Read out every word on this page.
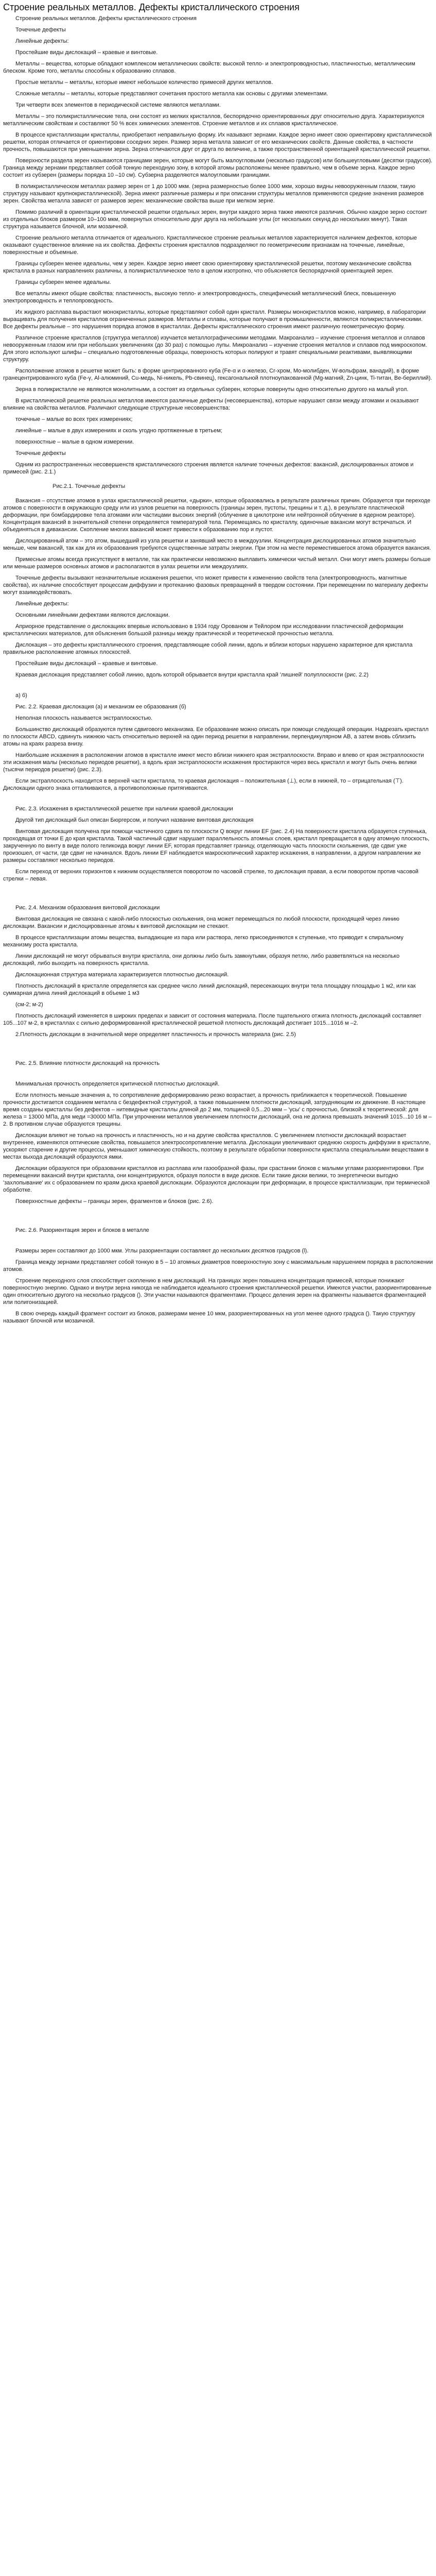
Строение реальных металлов. Дефекты кристаллического строения

Строение реальных металлов. Дефекты кристаллического строения

Точечные дефекты

Линейные дефекты:

Простейшие виды дислокаций – краевые и винтовые.

Металлы – вещества, которые обладают комплексом металлических свойств: высокой тепло- и электропроводностью, пластичностью, металлическим блеском. Кроме того, металлы способны к образованию сплавов.

Простые металлы – металлы, которые имеют небольшое количество примесей других металлов.

Сложные металлы – металлы, которые представляют сочетания простого металла как основы с другими элементами.

Три четверти всех элементов в периодической системе являются металлами.

Металлы – это поликристаллические тела, они состоят из мелких кристаллов, беспорядочно ориентированных друг относительно друга. Характеризуются металлическим свойствам и составляют 50 % всех химических элементов. Строение металлов и их сплавов кристаллическое.

В процессе кристаллизации кристаллы, приобретают неправильную форму. Их называют зернами. Каждое зерно имеет свою ориентировку кристаллической решетки, которая отличается от ориентировки соседних зерен. Размер зерна металла зависит от его механических свойств. Данные свойства, в частности прочность, повышаются при уменьшении зерна. Зерна отличаются друг от друга по величине, а также пространственной ориентацией кристаллической решетки.

Поверхности раздела зерен называются границами зерен, которые могут быть малоугловыми (несколько градусов) или большеугловыми (десятки градусов). Граница между зернами представляет собой тонкую переходную зону, в которой атомы расположены менее правильно, чем в объеме зерна. Каждое зерно состоит из субзерен (размеры порядка 10 –10 см). Субзерна разделяются малоугловыми границами.

В поликристаллическом металлах размер зерен от 1 до 1000 мкм. (зерна размерностью более 1000 мкм, хорошо видны невооруженным глазом, такую структуру называют крупнокристаллической). Зерна имеют различные размеры и при описании структуры металлов применяются средние значения размеров зерен. Свойства металла зависят от размеров зерен: механические свойства выше при мелком зерне.

Помимо различий в ориентации кристаллической решетки отдельных зерен, внутри каждого зерна также имеются различия. Обычно каждое зерно состоит из отдельных блоков размером 10–100 мкм, повернутых относительно друг друга на небольшие углы (от нескольких секунд до нескольких минут). Такая структура называется блочной, или мозаичной.

Строение реального металла отличается от идеального. Кристаллическое строение реальных металлов характеризуется наличием дефектов, которые оказывают существенное влияние на их свойства. Дефекты строения кристаллов подразделяют по геометрическим признакам на точечные, линейные, поверхностные и объемные.

Границы субзерен менее идеальны, чем у зерен. Каждое зерно имеет свою ориентировку кристаллической решетки, поэтому механические свойства кристалла в разных направлениях различны, а поликристаллическое тело в целом изотропно, что объясняется беспорядочной ориентацией зерен.

Границы субзерен менее идеальны.

Все металлы имеют общие свойства: пластичность, высокую тепло- и электропроводность, специфический металлический блеск, повышенную электропроводность и теплопроводность.

Их жидкого расплава вырастают монокристаллы, которые представляют собой один кристалл. Размеры монокристаллов можно, например, в лаборатории выращивать для получения кристаллов ограниченных размеров. Металлы и сплавы, которые получают в промышленности, являются поликристаллическими. Все дефекты реальные – это нарушения порядка атомов в кристаллах. Дефекты кристаллического строения имеют различную геометрическую форму.

Различное строение кристаллов (структура металлов) изучается металлографическими методами. Макроанализ – изучение строения металлов и сплавов невооруженным глазом или при небольших увеличениях (до 30 раз) с помощью лупы. Микроанализ – изучение строения металлов и сплавов под микроскопом. Для этого используют шлифы – специально подготовленные образцы, поверхность которых полируют и травят специальными реактивами, выявляющими структуру.

Расположение атомов в решетке может быть: в форме центрированного куба (Fe-α и α-железо, Cr-хром, Mo-молибден, W-вольфрам, ванадий), в форме гранецентрированного куба (Fe-γ, Al-алюминий, Cu-медь, Ni-никель, Pb-свинец), гексагональной плотноупакованной (Mg-магний, Zn-цинк, Ti-титан, Be-бериллий).

Зерна в поликристалле не являются монолитными, а состоят из отдельных субзерен, которые повернуты одно относительно другого на малый угол.

В кристаллической решетке реальных металлов имеются различные дефекты (несовершенства), которые нарушают связи между атомами и оказывают влияние на свойства металлов. Различают следующие структурные несовершенства:

точечные – малые во всех трех измерениях;

линейные – малые в двух измерениях и сколь угодно протяженные в третьем;

поверхностные – малые в одном измерении.

Точечные дефекты

Одним из распространенных несовершенств кристаллического строения является наличие точечных дефектов: вакансий, дислоцированных атомов и примесей (рис. 2.1.)

Рис.2.1. Точечные дефекты

Вакансия – отсутствие атомов в узлах кристаллической решетки, «дырки», которые образовались в результате различных причин. Образуется при переходе атомов с поверхности в окружающую среду или из узлов решетки на поверхность (границы зерен, пустоты, трещины и т. д.), в результате пластической деформации, при бомбардировке тела атомами или частицами высоких энергий (облучение в циклотроне или нейтронной облучение в ядерном реакторе). Концентрация вакансий в значительной степени определяется температурой тела. Перемещаясь по кристаллу, одиночные вакансии могут встречаться. И объединяться в дивакансии. Скопление многих вакансий может привести к образованию пор и пустот.

Дислоцированный атом – это атом, вышедший из узла решетки и занявший место в междоузлии. Концентрация дислоцированных атомов значительно меньше, чем вакансий, так как для их образования требуются существенные затраты энергии. При этом на месте переместившегося атома образуется вакансия.

Примесные атомы всегда присутствуют в металле, так как практически невозможно выплавить химически чистый металл. Они могут иметь размеры больше или меньше размеров основных атомов и располагаются в узлах решетки или междоузлиях.

Точечные дефекты вызывают незначительные искажения решетки, что может привести к изменению свойств тела (электропроводность, магнитные свойства), их наличие способствует процессам диффузии и протеканию фазовых превращений в твердом состоянии. При перемещении по материалу дефекты могут взаимодействовать.

Линейные дефекты:

Основными линейными дефектами являются дислокации.

Априорное представление о дислокациях впервые использовано в 1934 году Орованом и Тейлором при исследовании пластической деформации кристаллических материалов, для объяснения большой разницы между практической и теоретической прочностью металла.

Дислокация – это дефекты кристаллического строения, представляющие собой линии, вдоль и вблизи которых нарушено характерное для кристалла правильное расположение атомных плоскостей.

Простейшие виды дислокаций – краевые и винтовые.

Краевая дислокация представляет собой линию, вдоль которой обрывается внутри кристалла край 'лишней' полуплоскости (рис. 2.2)

а) б)

Рис. 2.2. Краевая дислокация (а) и механизм ее образования (б)

Неполная плоскость называется экстраплоскостью.

Большинство дислокаций образуются путем сдвигового механизма. Ее образование можно описать при помощи следующей операции. Надрезать кристалл по плоскости ABCD, сдвинуть нижнюю часть относительно верхней на один период решетки в направлении, перпендикулярном AB, а затем вновь сблизить атомы на краях разреза внизу.

Наибольшие искажения в расположении атомов в кристалле имеют место вблизи нижнего края экстраплоскости. Вправо и влево от края экстраплоскости эти искажения малы (несколько периодов решетки), а вдоль края экстраплоскости искажения простираются через весь кристалл и могут быть очень велики (тысячи периодов решетки) (рис. 2.3).

Если экстраплоскость находится в верхней части кристалла, то краевая дислокация – положительная (⊥), если в нижней, то – отрицательная (⊤). Дислокации одного знака отталкиваются, а противоположные притягиваются.

Рис. 2.3. Искажения в кристаллической решетке при наличии краевой дислокации

Другой тип дислокаций был описан Бюргерсом, и получил название винтовая дислокация

Винтовая дислокация получена при помощи частичного сдвига по плоскости Q вокруг линии EF (рис. 2.4) На поверхности кристалла образуется ступенька, проходящая от точки E до края кристалла. Такой частичный сдвиг нарушает параллельность атомных слоев, кристалл превращается в одну атомную плоскость, закрученную по винту в виде полого геликоида вокруг линии EF, которая представляет границу, отделяющую часть плоскости скольжения, где сдвиг уже произошел, от части, где сдвиг не начинался. Вдоль линии EF наблюдается макроскопический характер искажения, в направлении, а другом направлении же размеры составляют несколько периодов.

Если переход от верхних горизонтов к нижним осуществляется поворотом по часовой стрелке, то дислокация правая, а если поворотом против часовой стрелки – левая.

Рис. 2.4. Механизм образования винтовой дислокации

Винтовая дислокация не связана с какой-либо плоскостью скольжения, она может перемещаться по любой плоскости, проходящей через линию дислокации. Вакансии и дислоцированные атомы к винтовой дислокации не стекают.

В процессе кристаллизации атомы вещества, выпадающие из пара или раствора, легко присоединяются к ступеньке, что приводит к спиральному механизму роста кристалла.

Линии дислокаций не могут обрываться внутри кристалла, они должны либо быть замкнутыми, образуя петлю, либо разветвляться на несколько дислокаций, либо выходить на поверхность кристалла.

Дислокационная структура материала характеризуется плотностью дислокаций.

Плотность дислокаций в кристалле определяется как среднее число линий дислокаций, пересекающих внутри тела площадку площадью 1 м2, или как суммарная длина линий дислокаций в объеме 1 м3

(см-2; м-2)

Плотность дислокаций изменяется в широких пределах и зависит от состояния материала. После тщательного отжига плотность дислокаций составляет 105...107 м-2, в кристаллах с сильно деформированной кристаллической решеткой плотность дислокаций достигает 1015...1016 м –2.

2.Плотность дислокации в значительной мере определяет пластичность и прочность материала (рис. 2.5)

Рис. 2.5. Влияние плотности дислокаций на прочность

Минимальная прочность определяется критической плотностью дислокаций.

Если плотность меньше значения a, то сопротивление деформированию резко возрастает, а прочность приближается к теоретической. Повышение прочности достигается созданием металла с бездефектной структурой, а также повышением плотности дислокаций, затрудняющим их движение. В настоящее время созданы кристаллы без дефектов – нитевидные кристаллы длиной до 2 мм, толщиной 0,5...20 мкм – 'усы' с прочностью, близкой к теоретической: для железа = 13000 МПа, для меди =30000 МПа. При упрочнении металлов увеличением плотности дислокаций, она не должна превышать значений 1015...10 16 м –2. В противном случае образуются трещины.

Дислокации влияют не только на прочность и пластичность, но и на другие свойства кристаллов. С увеличением плотности дислокаций возрастает внутреннее, изменяются оптические свойства, повышается электросопротивление металла. Дислокации увеличивают среднюю скорость диффузии в кристалле, ускоряют старение и другие процессы, уменьшают химическую стойкость, поэтому в результате обработки поверхности кристалла специальными веществами в местах выхода дислокаций образуются ямки.

Дислокации образуются при образовании кристаллов из расплава или газообразной фазы, при срастании блоков с малыми углами разориентировки. При перемещении вакансий внутри кристалла, они концентрируются, образуя полости в виде дисков. Если такие диски велики, то энергетически выгодно 'захлопывание' их с образованием по краям диска краевой дислокации. Образуются дислокации при деформации, в процессе кристаллизации, при термической обработке.

Поверхностные дефекты – границы зерен, фрагментов и блоков (рис. 2.6).

Рис. 2.6. Разориентация зерен и блоков в металле

Размеры зерен составляют до 1000 мкм. Углы разориентации составляют до нескольких десятков градусов (l).

Граница между зернами представляет собой тонкую в 5 – 10 атомных диаметров поверхностную зону с максимальным нарушением порядка в расположении атомов.

Строение переходного слоя способствует скоплению в нем дислокаций. На границах зерен повышена концентрация примесей, которые понижают поверхностную энергию. Однако и внутри зерна никогда не наблюдается идеального строения кристаллической решетки. Имеются участки, разориентированные один относительно другого на несколько градусов (). Эти участки называются фрагментами. Процесс деления зерен на фрагменты называется фрагментацией или полигонизацией.

В свою очередь каждый фрагмент состоит из блоков, размерами менее 10 мкм, разориентированных на угол менее одного градуса (). Такую структуру называют блочной или мозаичной.
